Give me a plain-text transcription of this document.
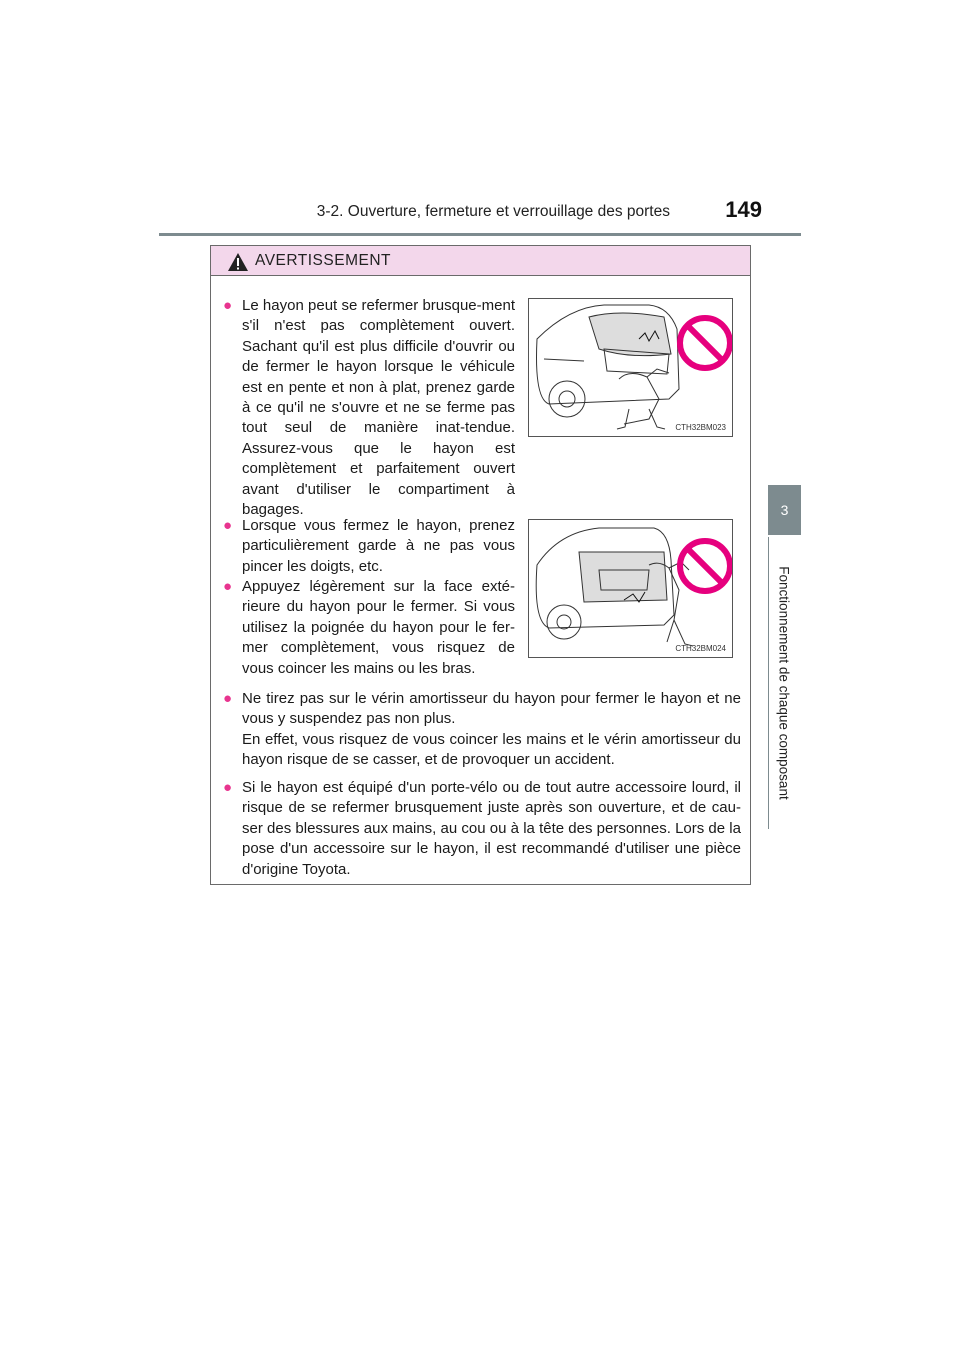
3-2. Ouverture, fermeture et verrouillage des portes	149
3
Fonctionnement de chaque composant
AVERTISSEMENT
● Le hayon peut se refermer brusque-ment s'il n'est pas complètement ouvert. Sachant qu'il est plus difficile d'ouvrir ou de fermer le hayon lorsque le véhicule est en pente et non à plat, prenez garde à ce qu'il ne s'ouvre et ne se ferme pas tout seul de manière inat-tendue. Assurez-vous que le hayon est complètement et parfaitement ouvert avant d'utiliser le compartiment à bagages.
CTH32BM023
● Lorsque vous fermez le hayon, prenez particulièrement garde à ne pas vous pincer les doigts, etc.
● Appuyez légèrement sur la face exté-rieure du hayon pour le fermer. Si vous utilisez la poignée du hayon pour le fer-mer complètement, vous risquez de vous coincer les mains ou les bras.
CTH32BM024
● Ne tirez pas sur le vérin amortisseur du hayon pour fermer le hayon et ne vous y suspendez pas non plus.
En effet, vous risquez de vous coincer les mains et le vérin amortisseur du hayon risque de se casser, et de provoquer un accident.
● Si le hayon est équipé d'un porte-vélo ou de tout autre accessoire lourd, il risque de se refermer brusquement juste après son ouverture, et de cau-ser des blessures aux mains, au cou ou à la tête des personnes. Lors de la pose d'un accessoire sur le hayon, il est recommandé d'utiliser une pièce d'origine Toyota.
